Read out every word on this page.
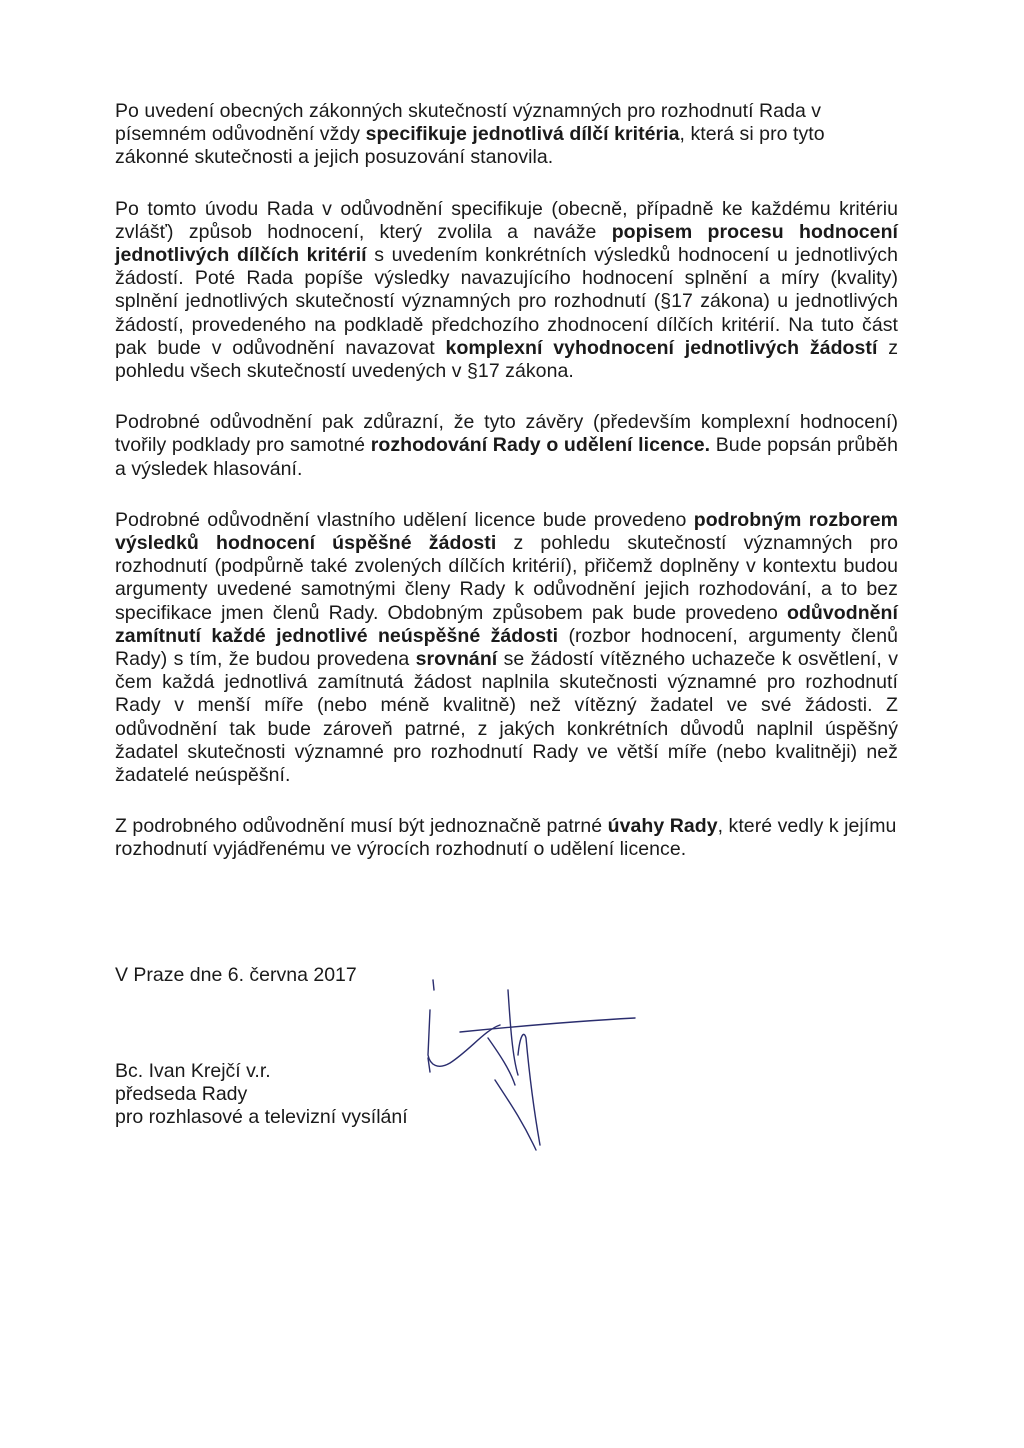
Po uvedení obecných zákonných skutečností významných pro rozhodnutí Rada v písemném odůvodnění vždy specifikuje jednotlivá dílčí kritéria, která si pro tyto zákonné skutečnosti a jejich posuzování stanovila.

Po tomto úvodu Rada v odůvodnění specifikuje (obecně, případně ke každému kritériu zvlášť) způsob hodnocení, který zvolila a naváže popisem procesu hodnocení jednotlivých dílčích kritérií s uvedením konkrétních výsledků hodnocení u jednotlivých žádostí. Poté Rada popíše výsledky navazujícího hodnocení splnění a míry (kvality) splnění jednotlivých skutečností významných pro rozhodnutí (§17 zákona) u jednotlivých žádostí, provedeného na podkladě předchozího zhodnocení dílčích kritérií. Na tuto část pak bude v odůvodnění navazovat komplexní vyhodnocení jednotlivých žádostí z pohledu všech skutečností uvedených v §17 zákona.

Podrobné odůvodnění pak zdůrazní, že tyto závěry (především komplexní hodnocení) tvořily podklady pro samotné rozhodování Rady o udělení licence. Bude popsán průběh a výsledek hlasování.

Podrobné odůvodnění vlastního udělení licence bude provedeno podrobným rozborem výsledků hodnocení úspěšné žádosti z pohledu skutečností významných pro rozhodnutí (podpůrně také zvolených dílčích kritérií), přičemž doplněny v kontextu budou argumenty uvedené samotnými členy Rady k odůvodnění jejich rozhodování, a to bez specifikace jmen členů Rady. Obdobným způsobem pak bude provedeno odůvodnění zamítnutí každé jednotlivé neúspěšné žádosti (rozbor hodnocení, argumenty členů Rady) s tím, že budou provedena srovnání se žádostí vítězného uchazeče k osvětlení, v čem každá jednotlivá zamítnutá žádost naplnila skutečnosti významné pro rozhodnutí Rady v menší míře (nebo méně kvalitně) než vítězný žadatel ve své žádosti. Z odůvodnění tak bude zároveň patrné, z jakých konkrétních důvodů naplnil úspěšný žadatel skutečnosti významné pro rozhodnutí Rady ve větší míře (nebo kvalitněji) než žadatelé neúspěšní.

Z podrobného odůvodnění musí být jednoznačně patrné úvahy Rady, které vedly k jejímu rozhodnutí vyjádřenému ve výrocích rozhodnutí o udělení licence.

V Praze dne 6. června 2017
Bc. Ivan Krejčí v.r.
předseda Rady
pro rozhlasové a televizní vysílání
